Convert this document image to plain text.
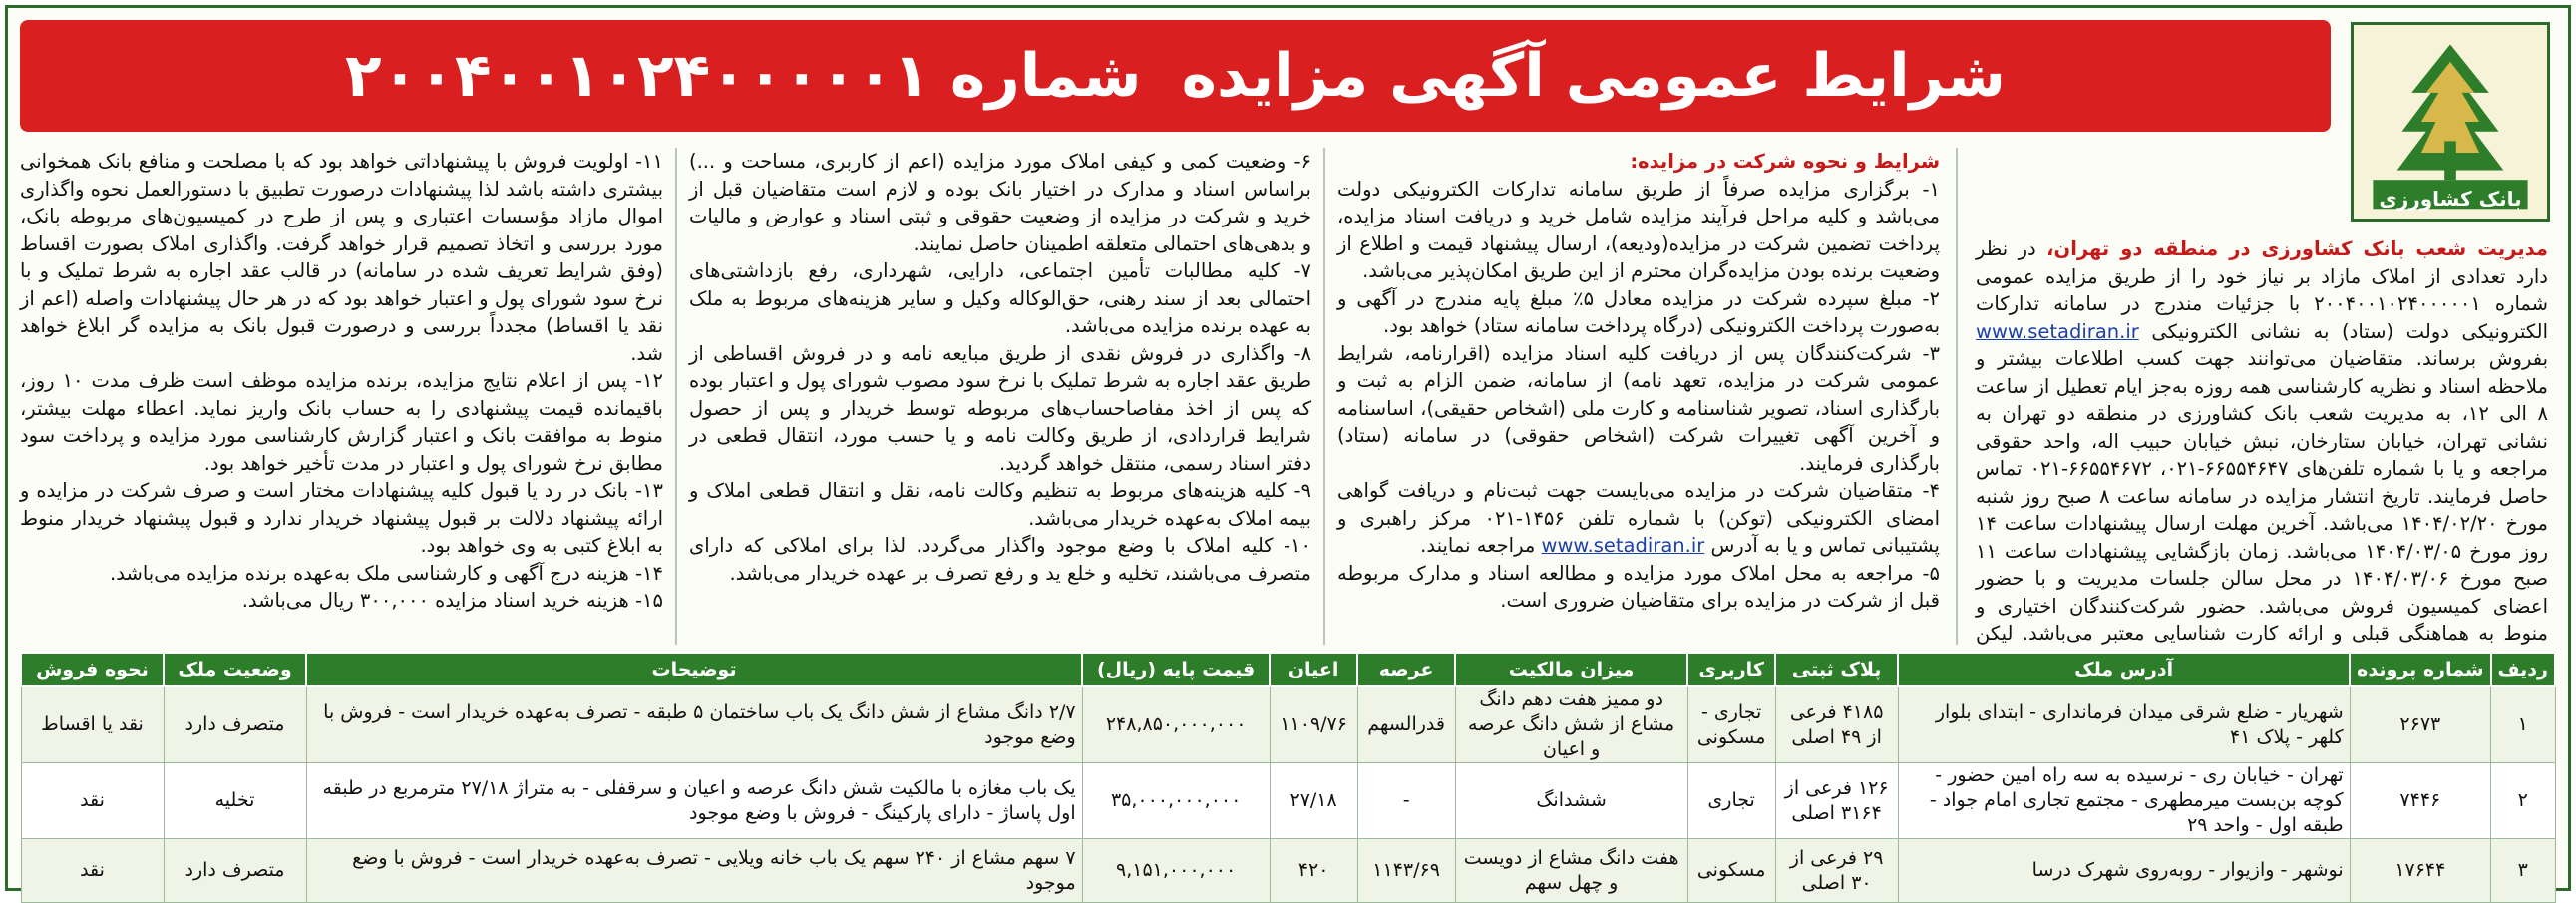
بانک کشاورزی
شرایط عمومی آگهی مزایده
شماره ۲۰۰۴۰۰۱۰۲۴۰۰۰۰۰۱

مدیریت شعب بانک کشاورزی در منطقه دو تهران، در نظر دارد تعدادی از املاک مازاد بر نیاز خود را از طریق مزایده عمومی شماره ۲۰۰۴۰۰۱۰۲۴۰۰۰۰۰۱ با جزئیات مندرج در سامانه تدارکات الکترونیکی دولت (ستاد) به نشانی الکترونیکی www.setadiran.ir بفروش برساند. متقاضیان می‌توانند جهت کسب اطلاعات بیشتر و ملاحظه اسناد و نظریه کارشناسی همه روزه به‌جز ایام تعطیل از ساعت ۸ الی ۱۲، به مدیریت شعب بانک کشاورزی در منطقه دو تهران به نشانی تهران، خیابان ستارخان، نبش خیابان حبیب اله، واحد حقوقی مراجعه و یا با شماره تلفن‌های ۶۶۵۵۴۶۴۷-۰۲۱، ۶۶۵۵۴۶۷۲-۰۲۱ تماس حاصل فرمایند. تاریخ انتشار مزایده در سامانه ساعت ۸ صبح روز شنبه مورخ ۱۴۰۴/۰۲/۲۰ می‌باشد. آخرین مهلت ارسال پیشنهادات ساعت ۱۴ روز مورخ ۱۴۰۴/۰۳/۰۵ می‌باشد. زمان بازگشایی پیشنهادات ساعت ۱۱ صبح مورخ ۱۴۰۴/۰۳/۰۶ در محل سالن جلسات مدیریت و با حضور اعضای کمیسیون فروش می‌باشد. حضور شرکت‌کنندگان اختیاری و منوط به هماهنگی قبلی و ارائه کارت شناسایی معتبر می‌باشد. لیکن

شرایط و نحوه شرکت در مزایده:

۱- برگزاری مزایده صرفاً از طریق سامانه تدارکات الکترونیکی دولت می‌باشد و کلیه مراحل فرآیند مزایده شامل خرید و دریافت اسناد مزایده، پرداخت تضمین شرکت در مزایده(ودیعه)، ارسال پیشنهاد قیمت و اطلاع از وضعیت برنده بودن مزایده‌گران محترم از این طریق امکان‌پذیر می‌باشد.

۲- مبلغ سپرده شرکت در مزایده معادل ۵٪ مبلغ پایه مندرج در آگهی و به‌صورت پرداخت الکترونیکی (درگاه پرداخت سامانه ستاد) خواهد بود.

۳- شرکت‌کنندگان پس از دریافت کلیه اسناد مزایده (اقرارنامه، شرایط عمومی شرکت در مزایده، تعهد نامه) از سامانه، ضمن الزام به ثبت و بارگذاری اسناد، تصویر شناسنامه و کارت ملی (اشخاص حقیقی)، اساسنامه و آخرین آگهی تغییرات شرکت (اشخاص حقوقی) در سامانه (ستاد) بارگذاری فرمایند.

۴- متقاضیان شرکت در مزایده می‌بایست جهت ثبت‌نام و دریافت گواهی امضای الکترونیکی (توکن) با شماره تلفن ۱۴۵۶-۰۲۱ مرکز راهبری و پشتیبانی تماس و یا به آدرس www.setadiran.ir مراجعه نمایند.

۵- مراجعه به محل املاک مورد مزایده و مطالعه اسناد و مدارک مربوطه قبل از شرکت در مزایده برای متقاضیان ضروری است.

۶- وضعیت کمی و کیفی املاک مورد مزایده (اعم از کاربری، مساحت و ...) براساس اسناد و مدارک در اختیار بانک بوده و لازم است متقاضیان قبل از خرید و شرکت در مزایده از وضعیت حقوقی و ثبتی اسناد و عوارض و مالیات و بدهی‌های احتمالی متعلقه اطمینان حاصل نمایند.

۷- کلیه مطالبات تأمین اجتماعی، دارایی، شهرداری، رفع بازداشتی‌های احتمالی بعد از سند رهنی، حق‌الوکاله وکیل و سایر هزینه‌های مربوط به ملک به عهده برنده مزایده می‌باشد.

۸- واگذاری در فروش نقدی از طریق مبایعه نامه و در فروش اقساطی از طریق عقد اجاره به شرط تملیک با نرخ سود مصوب شورای پول و اعتبار بوده که پس از اخذ مفاصاحساب‌های مربوطه توسط خریدار و پس از حصول شرایط قراردادی، از طریق وکالت نامه و یا حسب مورد، انتقال قطعی در دفتر اسناد رسمی، منتقل خواهد گردید.

۹- کلیه هزینه‌های مربوط به تنظیم وکالت نامه، نقل و انتقال قطعی املاک و بیمه املاک به‌عهده خریدار می‌باشد.

۱۰- کلیه املاک با وضع موجود واگذار می‌گردد. لذا برای املاکی که دارای متصرف می‌باشند، تخلیه و خلع ید و رفع تصرف بر عهده خریدار می‌باشد.

۱۱- اولویت فروش با پیشنهاداتی خواهد بود که با مصلحت و منافع بانک همخوانی بیشتری داشته باشد لذا پیشنهادات درصورت تطبیق با دستورالعمل نحوه واگذاری اموال مازاد مؤسسات اعتباری و پس از طرح در کمیسیون‌های مربوطه بانک، مورد بررسی و اتخاذ تصمیم قرار خواهد گرفت. واگذاری املاک بصورت اقساط (وفق شرایط تعریف شده در سامانه) در قالب عقد اجاره به شرط تملیک و با نرخ سود شورای پول و اعتبار خواهد بود که در هر حال پیشنهادات واصله (اعم از نقد یا اقساط) مجدداً بررسی و درصورت قبول بانک به مزایده گر ابلاغ خواهد شد.

۱۲- پس از اعلام نتایج مزایده، برنده مزایده موظف است ظرف مدت ۱۰ روز، باقیمانده قیمت پیشنهادی را به حساب بانک واریز نماید. اعطاء مهلت بیشتر، منوط به موافقت بانک و اعتبار گزارش کارشناسی مورد مزایده و پرداخت سود مطابق نرخ شورای پول و اعتبار در مدت تأخیر خواهد بود.

۱۳- بانک در رد یا قبول کلیه پیشنهادات مختار است و صرف شرکت در مزایده و ارائه پیشنهاد دلالت بر قبول پیشنهاد خریدار ندارد و قبول پیشنهاد خریدار منوط به ابلاغ کتبی به وی خواهد بود.

۱۴- هزینه درج آگهی و کارشناسی ملک به‌عهده برنده مزایده می‌باشد.

۱۵- هزینه خرید اسناد مزایده ۳۰۰,۰۰۰ ریال می‌باشد.

ردیف	شماره پرونده	آدرس ملک	پلاک ثبتی	کاربری	میزان مالکیت	عرصه	اعیان	قیمت پایه (ریال)	توضیحات	وضعیت ملک	نحوه فروش
۱	۲۶۷۳	شهریار - ضلع شرقی میدان فرمانداری - ابتدای بلوار کلهر - پلاک ۴۱	۴۱۸۵ فرعی از ۴۹ اصلی	تجاری - مسکونی	دو ممیز هفت دهم دانگ مشاع از شش دانگ عرصه و اعیان	قدرالسهم	۱۱۰۹/۷۶	۲۴۸,۸۵۰,۰۰۰,۰۰۰	۲/۷ دانگ مشاع از شش دانگ یک باب ساختمان ۵ طبقه - تصرف به‌عهده خریدار است - فروش با وضع موجود	متصرف دارد	نقد یا اقساط
۲	۷۴۴۶	تهران - خیابان ری - نرسیده به سه راه امین حضور - کوچه بن‌بست میرمطهری - مجتمع تجاری امام جواد - طبقه اول - واحد ۲۹	۱۲۶ فرعی از ۳۱۶۴ اصلی	تجاری	ششدانگ	-	۲۷/۱۸	۳۵,۰۰۰,۰۰۰,۰۰۰	یک باب مغازه با مالکیت شش دانگ عرصه و اعیان و سرقفلی - به متراژ ۲۷/۱۸ مترمربع در طبقه اول پاساژ - دارای پارکینگ - فروش با وضع موجود	تخلیه	نقد
۳	۱۷۶۴۴	نوشهر - وازیوار - روبه‌روی شهرک درسا	۲۹ فرعی از ۳۰ اصلی	مسکونی	هفت دانگ مشاع از دویست و چهل سهم	۱۱۴۳/۶۹	۴۲۰	۹,۱۵۱,۰۰۰,۰۰۰	۷ سهم مشاع از ۲۴۰ سهم یک باب خانه ویلایی - تصرف به‌عهده خریدار است - فروش با وضع موجود	متصرف دارد	نقد
